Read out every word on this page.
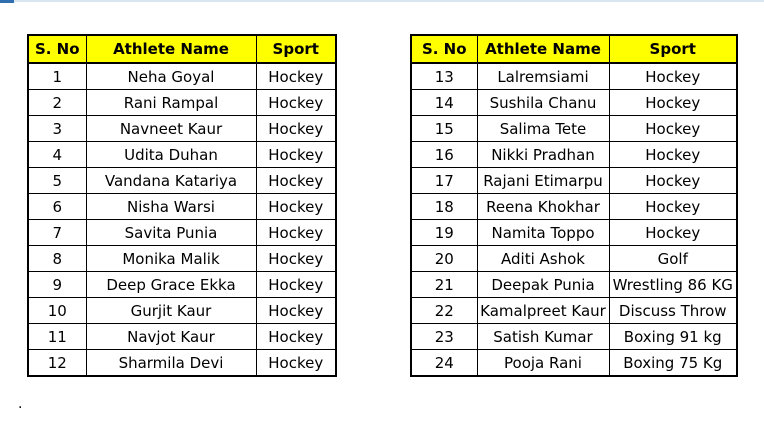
S. No	Athlete Name	Sport
1	Neha Goyal	Hockey
2	Rani Rampal	Hockey
3	Navneet Kaur	Hockey
4	Udita Duhan	Hockey
5	Vandana Katariya	Hockey
6	Nisha Warsi	Hockey
7	Savita Punia	Hockey
8	Monika Malik	Hockey
9	Deep Grace Ekka	Hockey
10	Gurjit Kaur	Hockey
11	Navjot Kaur	Hockey
12	Sharmila Devi	Hockey
S. No	Athlete Name	Sport
13	Lalremsiami	Hockey
14	Sushila Chanu	Hockey
15	Salima Tete	Hockey
16	Nikki Pradhan	Hockey
17	Rajani Etimarpu	Hockey
18	Reena Khokhar	Hockey
19	Namita Toppo	Hockey
20	Aditi Ashok	Golf
21	Deepak Punia	Wrestling 86 KG
22	Kamalpreet Kaur	Discuss Throw
23	Satish Kumar	Boxing 91 kg
24	Pooja Rani	Boxing 75 Kg
.
